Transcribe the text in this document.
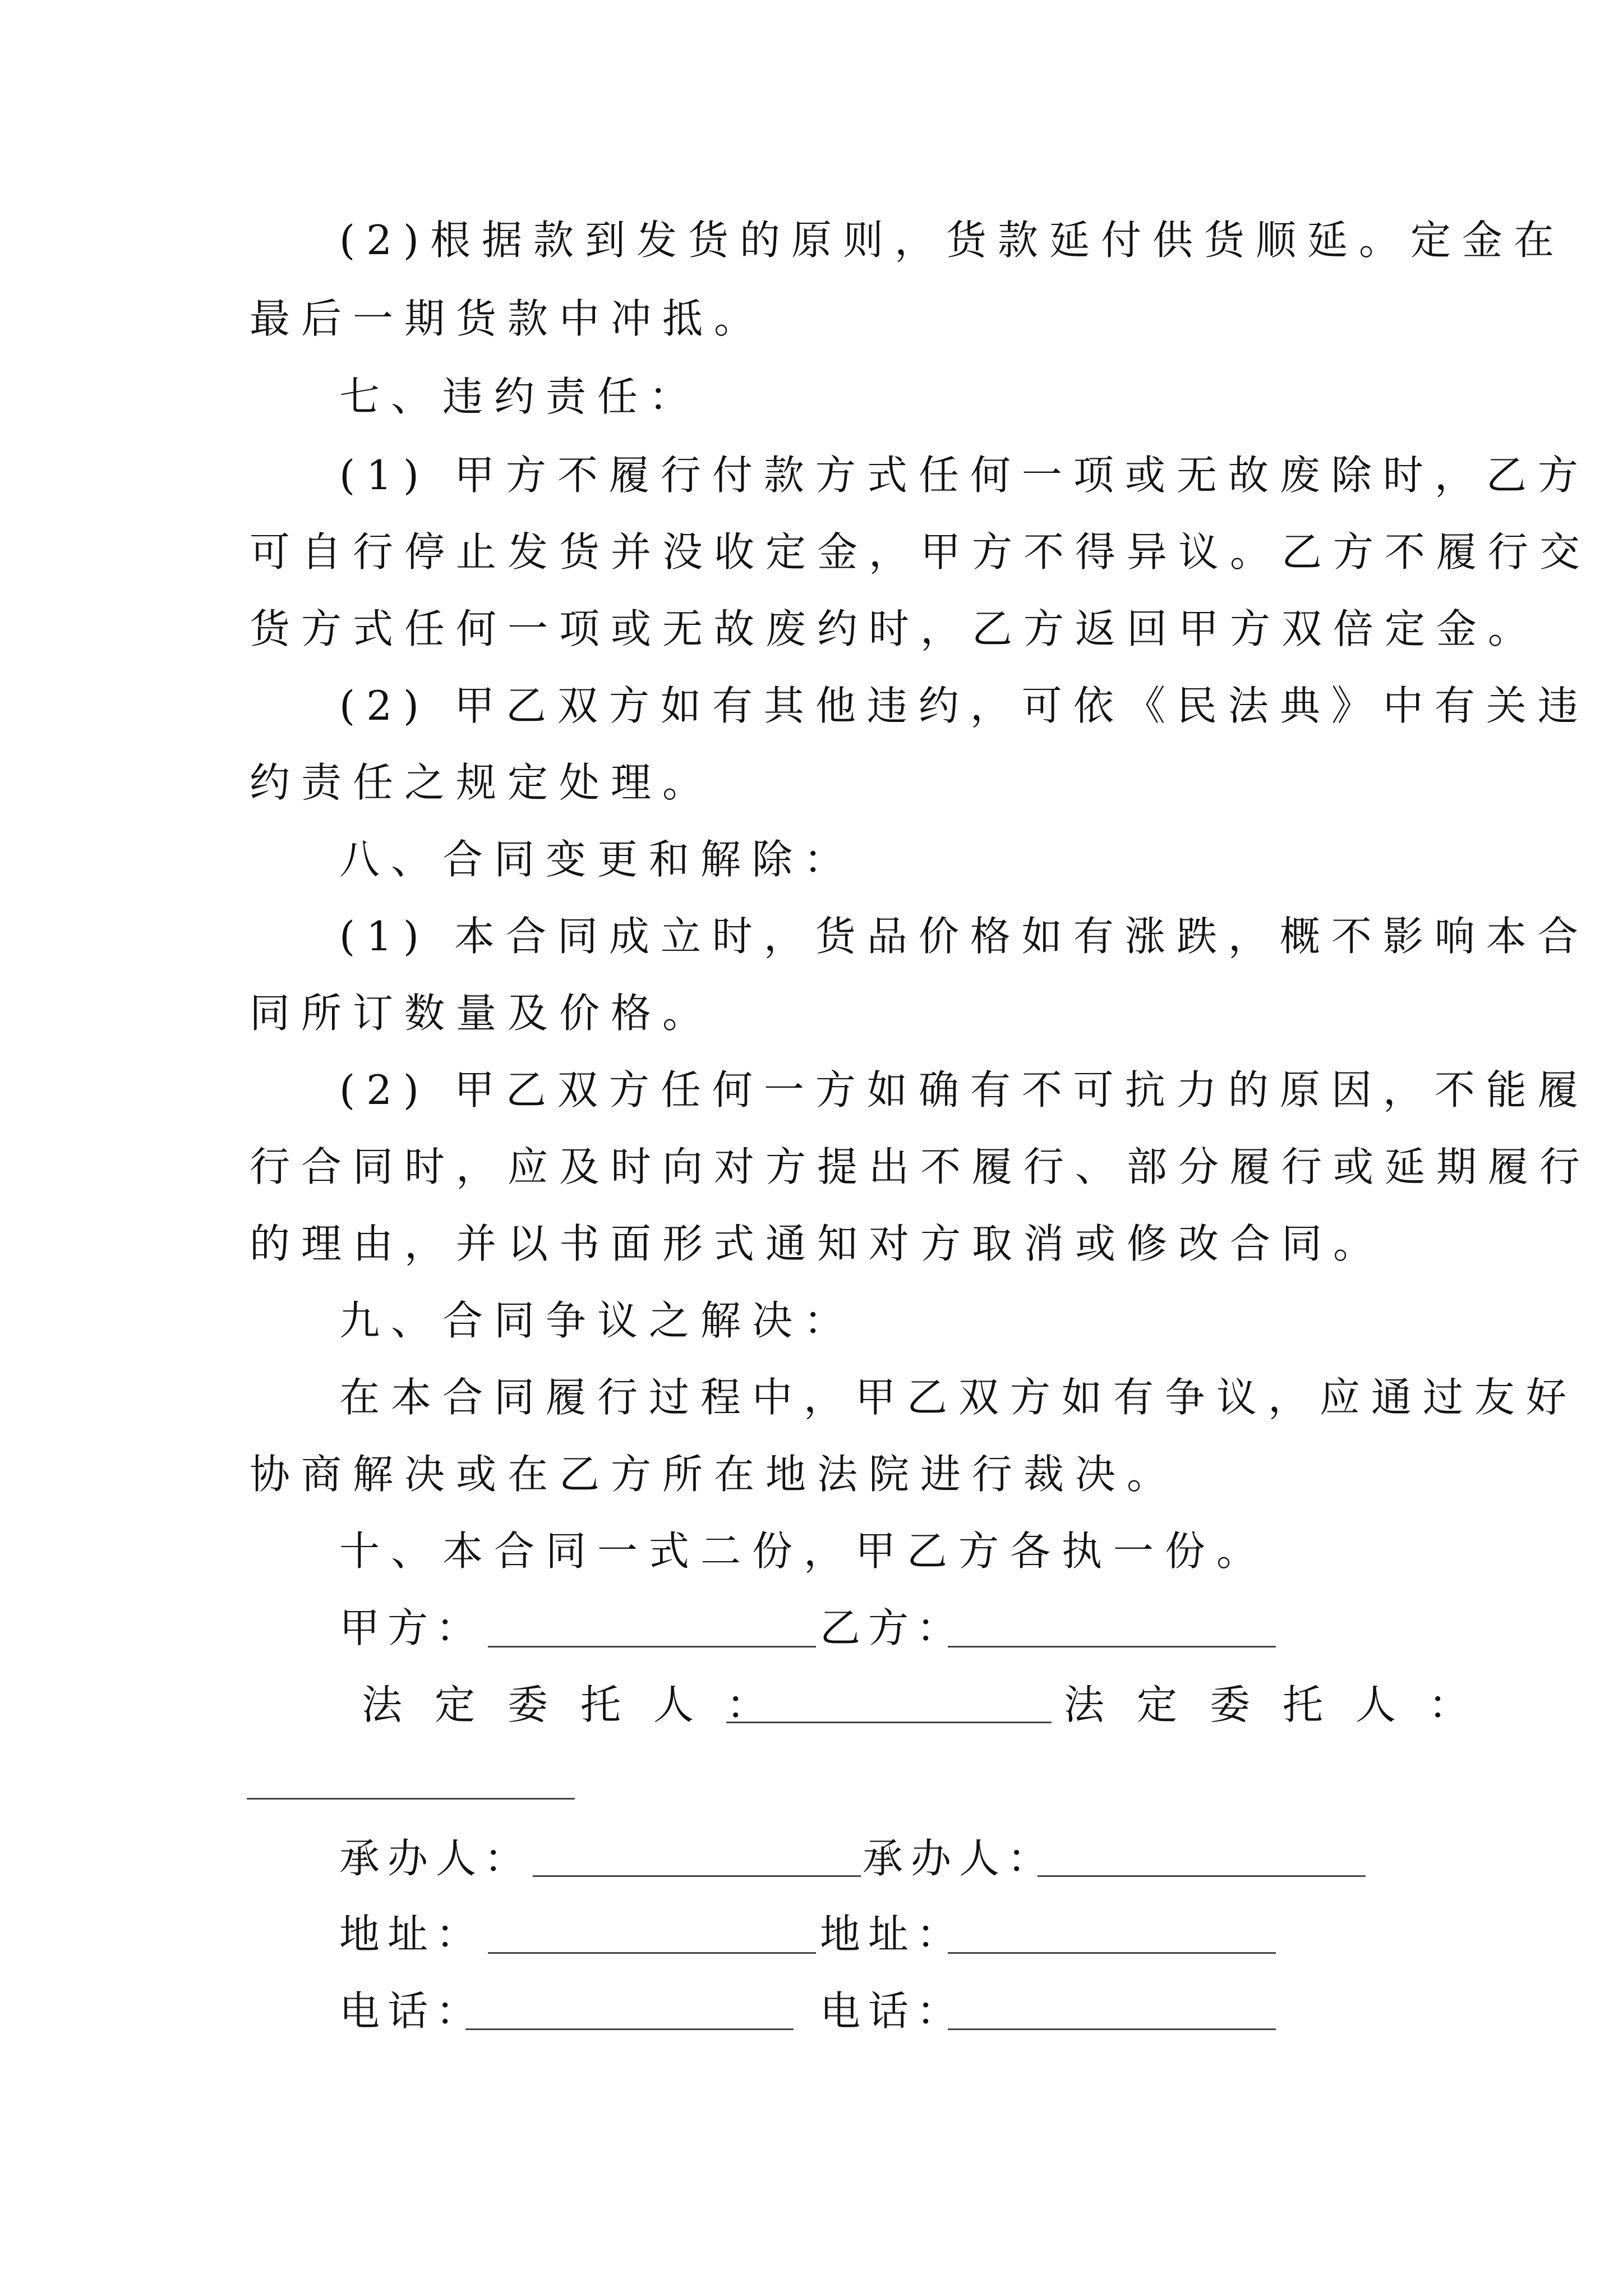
(2)根据款到发货的原则，货款延付供货顺延。定金在
最后一期货款中冲抵。
七、违约责任：
(1) 甲方不履行付款方式任何一项或无故废除时，乙方
可自行停止发货并没收定金，甲方不得异议。乙方不履行交
货方式任何一项或无故废约时，乙方返回甲方双倍定金。
(2) 甲乙双方如有其他违约，可依《民法典》中有关违
约责任之规定处理。
八、合同变更和解除：
(1) 本合同成立时，货品价格如有涨跌，概不影响本合
同所订数量及价格。
(2) 甲乙双方任何一方如确有不可抗力的原因，不能履
行合同时，应及时向对方提出不履行、部分履行或延期履行
的理由，并以书面形式通知对方取消或修改合同。
九、合同争议之解决：
在本合同履行过程中，甲乙双方如有争议，应通过友好
协商解决或在乙方所在地法院进行裁决。
十、本合同一式二份，甲乙方各执一份。
甲方：	乙方：
法定委托人：	法定委托人：
承办人：	承办人：
地址：	地址：
电话：	电话：
